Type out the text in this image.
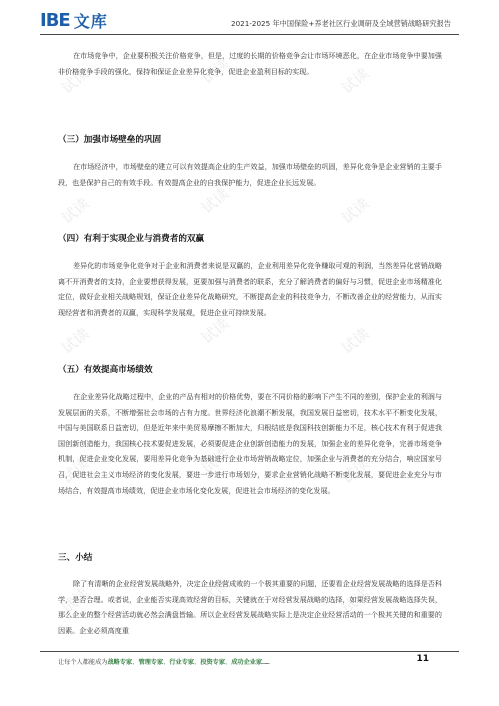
试读	试读	试读
试读	试读	试读
试读	试读	试读
试读	试读	试读
试读	试读	试读
IBE 文库	2021-2025 年中国保险+养老社区行业调研及全域营销战略研究报告

在市场竞争中，企业要积极关注价格竞争，但是，过度的长期的价格竞争会让市场环境恶化，在企业市场竞争中要加强非价格竞争手段的强化，保持和保证企业差异化竞争，促进企业盈利目标的实现。

（三）加强市场壁垒的巩固

在市场经济中，市场壁垒的建立可以有效提高企业的生产效益，加强市场壁垒的巩固，差异化竞争是企业营销的主要手段，也是保护自己的有效手段。有效提高企业的自我保护能力，促进企业长远发展。

（四）有利于实现企业与消费者的双赢

差异化的市场竞争化竞争对于企业和消费者来说是双赢的，企业利用差异化竞争赚取可观的利润，当然差异化营销战略离不开消费者的支持，企业要想获得发展，更要加强与消费者的联系，充分了解消费者的偏好与习惯，促进企业市场精准化定位，做好企业相关战略规划，保证企业差异化战略研究，不断提高企业的科技竞争力，不断改善企业的经营能力，从而实现经营者和消费者的双赢，实现科学发展观，促进企业可持续发展。

（五）有效提高市场绩效

在企业差异化战略过程中，企业的产品有相对的价格优势，要在不同价格的影响下产生不同的差别，保护企业的利润与发展层面的关系，不断增强社会市场的占有力度。世界经济化浪潮不断发展，我国发展日益密切，技术水平不断变化发展，中国与美国联系日益密切，但是近年来中美贸易摩擦不断加大，归根结底是我国科技创新能力不足，核心技术有利于促进我国创新创造能力，我国核心技术要促进发展，必须要促进企业创新创造能力的发展，加强企业的差异化竞争，完善市场竞争机制，促进企业变化发展，要用差异化竞争为基础进行企业市场营销战略定位，加强企业与消费者的充分结合，响应国家号召，促进社会主义市场经济的变化发展，要进一步进行市场划分，要求企业营销化战略不断变化发展，要促进企业充分与市场结合，有效提高市场绩效，促进企业市场化变化发展，促进社会市场经济的变化发展。

三、小结

除了有清晰的企业经营发展战略外，决定企业经营成败的一个极其重要的问题，还要看企业经营发展战略的选择是否科学，是否合理。或者说，企业能否实现高效经营的目标，关键就在于对经营发展战略的选择，如果经营发展战略选择失误，那么企业的整个经营活动就必然会满盘皆输。所以企业经营发展战略实际上是决定企业经营活动的一个极其关键的和重要的因素。企业必须高度重

让每个人都能成为战略专家、管理专家、行业专家、投资专家、成功企业家……	11
